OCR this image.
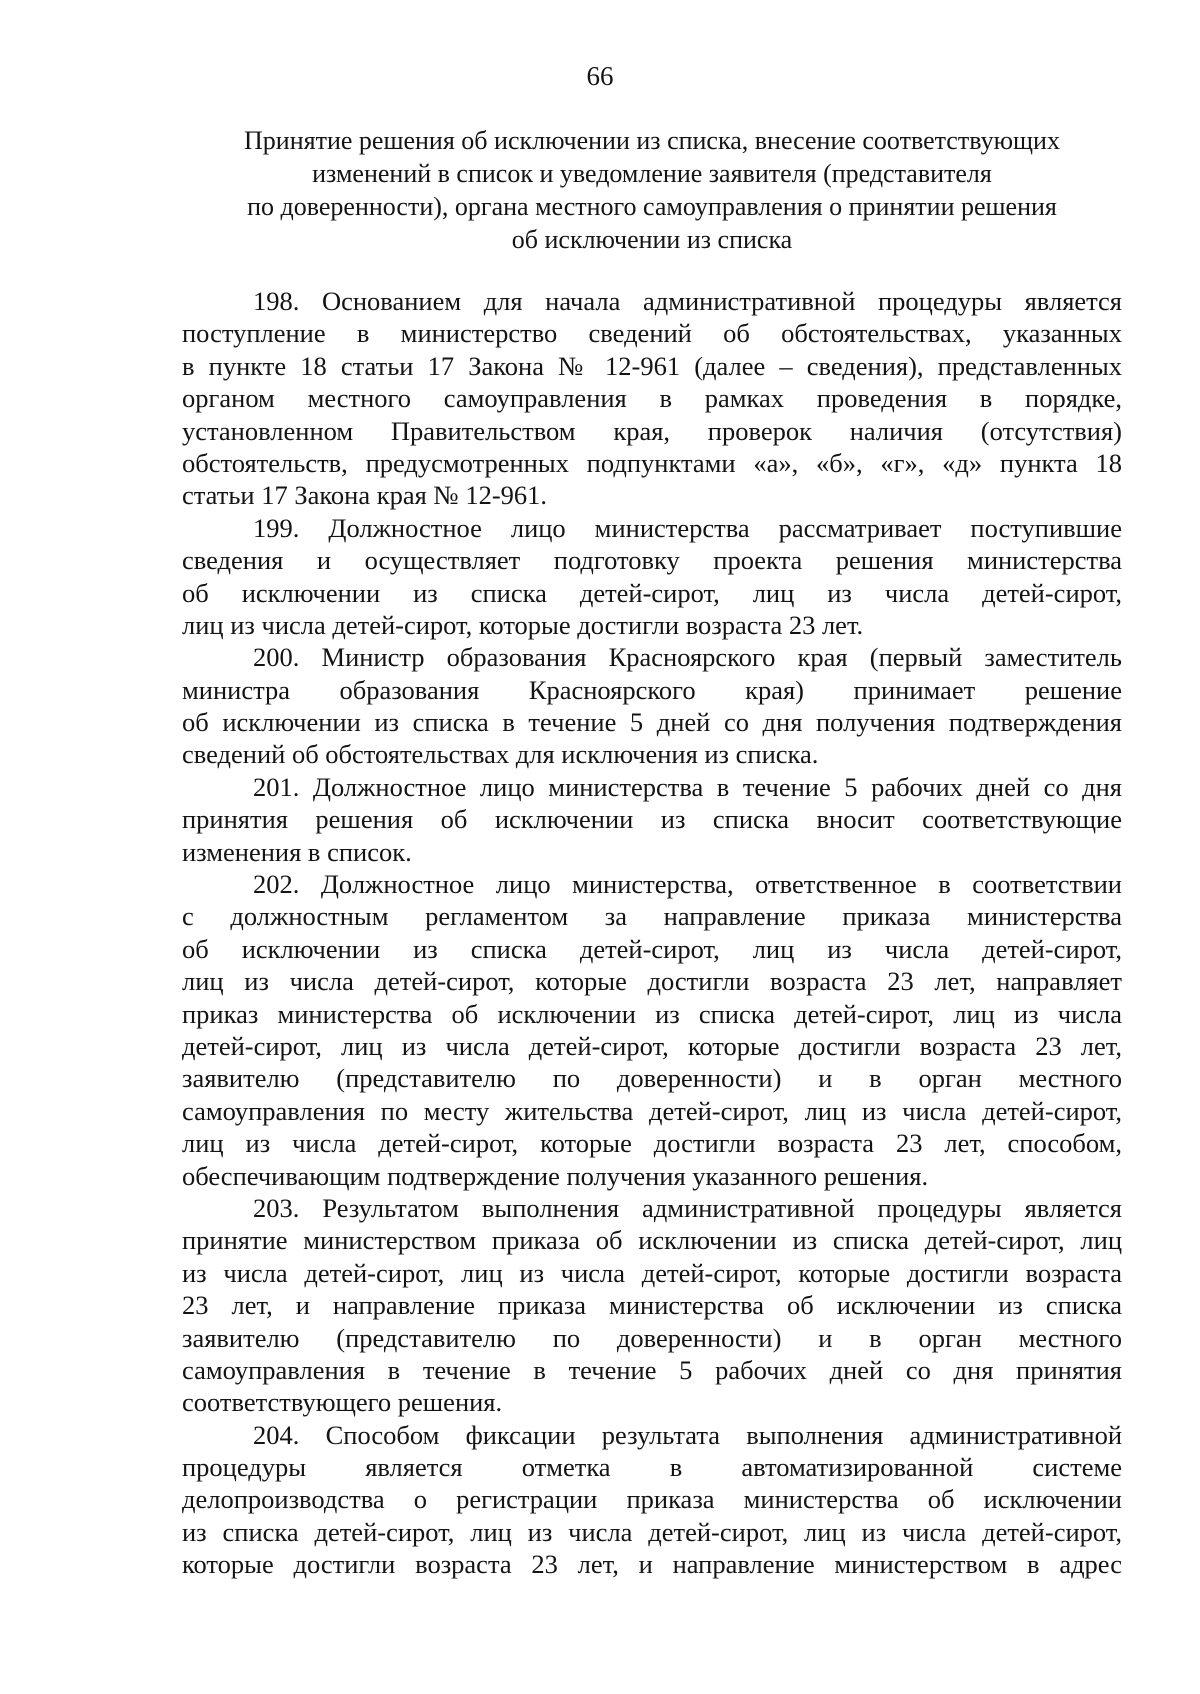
66
Принятие решения об исключении из списка, внесение соответствующих
изменений в список и уведомление заявителя (представителя
по доверенности), органа местного самоуправления о принятии решения
об исключении из списка
198. Основанием для начала административной процедуры является
поступление в министерство сведений об обстоятельствах, указанных
в пункте 18 статьи 17 Закона № 12-961 (далее – сведения), представленных
органом местного самоуправления в рамках проведения в порядке,
установленном Правительством края, проверок наличия (отсутствия)
обстоятельств, предусмотренных подпунктами «а», «б», «г», «д» пункта 18
статьи 17 Закона края № 12-961.
199. Должностное лицо министерства рассматривает поступившие
сведения и осуществляет подготовку проекта решения министерства
об исключении из списка детей-сирот, лиц из числа детей-сирот,
лиц из числа детей-сирот, которые достигли возраста 23 лет.
200. Министр образования Красноярского края (первый заместитель
министра образования Красноярского края) принимает решение
об исключении из списка в течение 5 дней со дня получения подтверждения
сведений об обстоятельствах для исключения из списка.
201. Должностное лицо министерства в течение 5 рабочих дней со дня
принятия решения об исключении из списка вносит соответствующие
изменения в список.
202. Должностное лицо министерства, ответственное в соответствии
с должностным регламентом за направление приказа министерства
об исключении из списка детей-сирот, лиц из числа детей-сирот,
лиц из числа детей-сирот, которые достигли возраста 23 лет, направляет
приказ министерства об исключении из списка детей-сирот, лиц из числа
детей-сирот, лиц из числа детей-сирот, которые достигли возраста 23 лет,
заявителю (представителю по доверенности) и в орган местного
самоуправления по месту жительства детей-сирот, лиц из числа детей-сирот,
лиц из числа детей-сирот, которые достигли возраста 23 лет, способом,
обеспечивающим подтверждение получения указанного решения.
203. Результатом выполнения административной процедуры является
принятие министерством приказа об исключении из списка детей-сирот, лиц
из числа детей-сирот, лиц из числа детей-сирот, которые достигли возраста
23 лет, и направление приказа министерства об исключении из списка
заявителю (представителю по доверенности) и в орган местного
самоуправления в течение в течение 5 рабочих дней со дня принятия
соответствующего решения.
204. Способом фиксации результата выполнения административной
процедуры является отметка в автоматизированной системе
делопроизводства о регистрации приказа министерства об исключении
из списка детей-сирот, лиц из числа детей-сирот, лиц из числа детей-сирот,
которые достигли возраста 23 лет, и направление министерством в адрес
